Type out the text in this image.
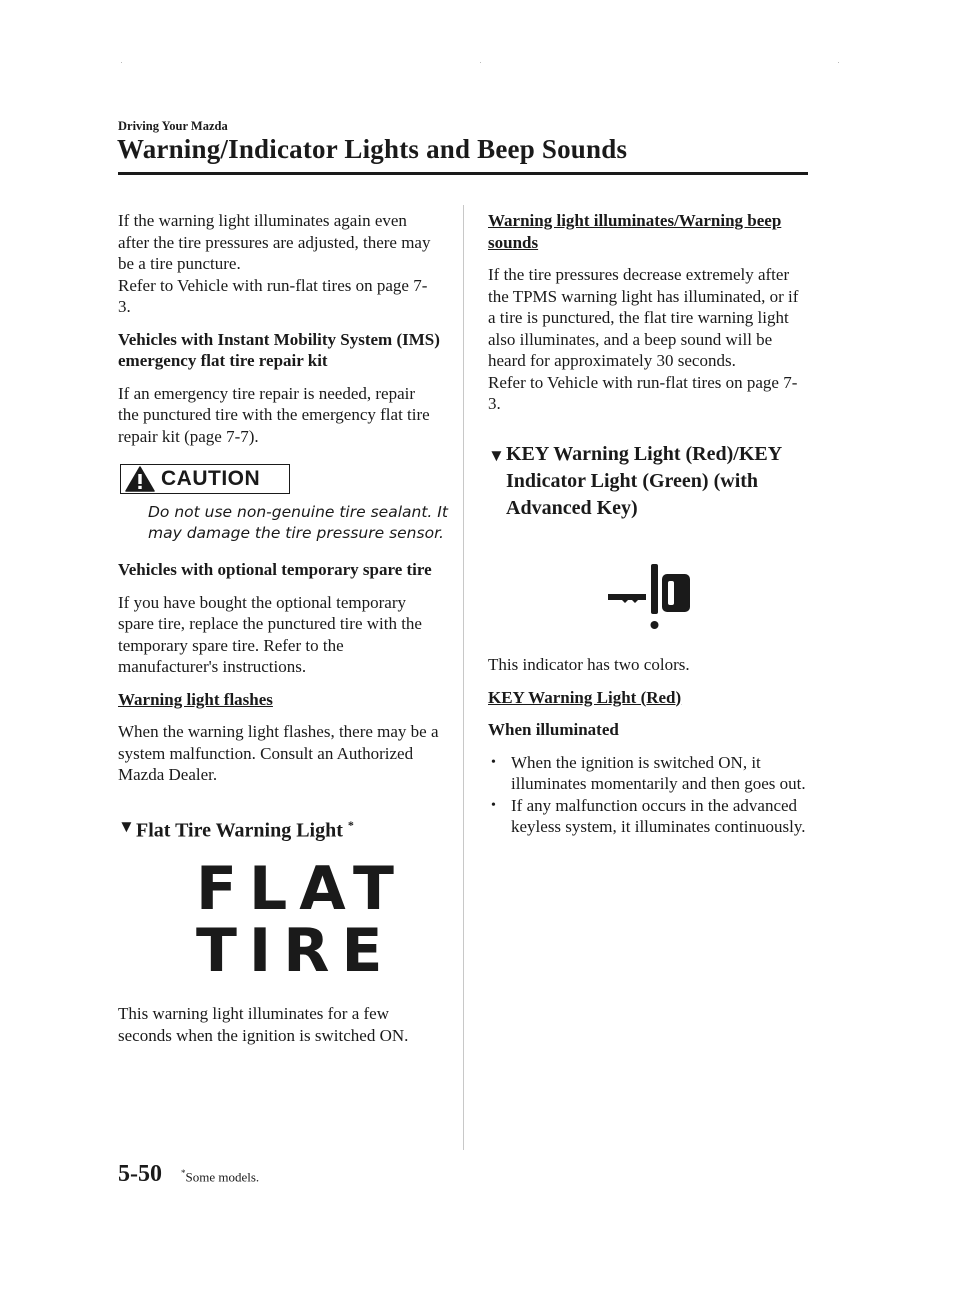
Driving Your Mazda
Warning/Indicator Lights and Beep Sounds

If the warning light illuminates again even after the tire pressures are adjusted, there may be a tire puncture.

Refer to Vehicle with run-flat tires on page 7-3.

Vehicles with Instant Mobility System (IMS) emergency flat tire repair kit

If an emergency tire repair is needed, repair the punctured tire with the emergency flat tire repair kit (page 7-7).

CAUTION
Do not use non-genuine tire sealant. It may damage the tire pressure sensor.

Vehicles with optional temporary spare tire

If you have bought the optional temporary spare tire, replace the punctured tire with the temporary spare tire. Refer to the manufacturer's instructions.

Warning light flashes

When the warning light flashes, there may be a system malfunction. Consult an Authorized Mazda Dealer.

▼ Flat Tire Warning Light *
FLAT
TIRE

This warning light illuminates for a few seconds when the ignition is switched ON.

Warning light illuminates/Warning beep sounds

If the tire pressures decrease extremely after the TPMS warning light has illuminated, or if a tire is punctured, the flat tire warning light also illuminates, and a beep sound will be heard for approximately 30 seconds.

Refer to Vehicle with run-flat tires on page 7-3.

▼ KEY Warning Light (Red)/KEY Indicator Light (Green) (with Advanced Key)

This indicator has two colors.

KEY Warning Light (Red)

When illuminated

• When the ignition is switched ON, it illuminates momentarily and then goes out.
• If any malfunction occurs in the advanced keyless system, it illuminates continuously.
5-50 *Some models.
